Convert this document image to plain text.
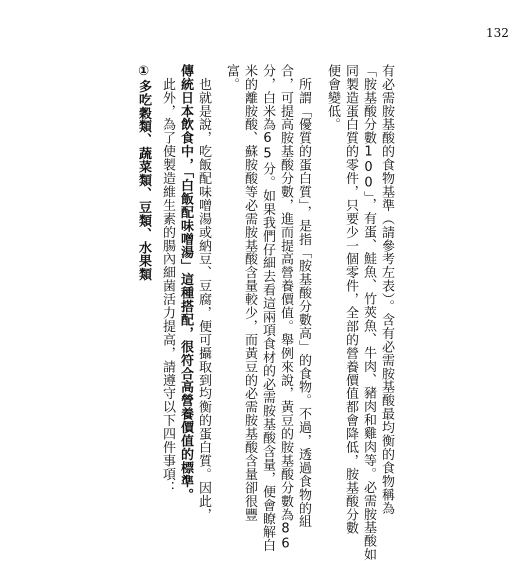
132
有必需胺基酸的食物基準（請參考左表）。含有必需胺基酸最均衡的食物稱為
「胺基酸分數100」，有蛋、鮭魚、竹莢魚、牛肉、豬肉和雞肉等。必需胺基酸如
同製造蛋白質的零件，只要少一個零件，全部的營養價值都會降低，胺基酸分數
便會變低。
　所謂「優質的蛋白質」，是指「胺基酸分數高」的食物。不過，透過食物的組
合，可提高胺基酸分數，進而提高營養價值。舉例來說，黃豆的胺基酸分數為86
分，白米為65分。如果我們仔細去看這兩項食材的必需胺基酸含量，便會瞭解白
米的離胺酸、蘇胺酸等必需胺基酸含量較少，而黃豆的必需胺基酸含量卻很豐
富。
　也就是說，吃飯配味噌湯或納豆、豆腐，便可攝取到均衡的蛋白質。因此，
傳統日本飲食中，「白飯配味噌湯」這種搭配，很符合高營養價值的標準。
　此外，為了使製造維生素的腸內細菌活力提高，請遵守以下四件事項：
①多吃穀類、蔬菜類、豆類、水果類
